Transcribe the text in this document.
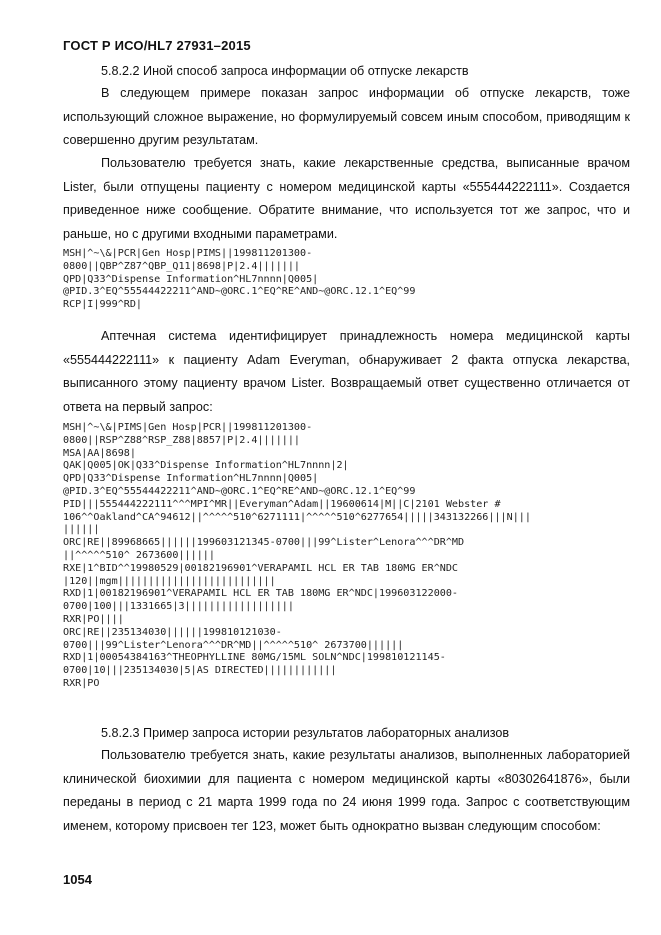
ГОСТ Р ИСО/HL7 27931–2015
5.8.2.2 Иной способ запроса информации об отпуске лекарств
В следующем примере показан запрос информации об отпуске лекарств, тоже использующий сложное выражение, но формулируемый совсем иным способом, приводящим к совершенно другим результатам.
Пользователю требуется знать, какие лекарственные средства, выписанные врачом Lister, были отпущены пациенту с номером медицинской карты «555444222111». Создается приведенное ниже сообщение. Обратите внимание, что используется тот же запрос, что и раньше, но с другими входными параметрами.
MSH|^~\&|PCR|Gen Hosp|PIMS||199811201300-
0800||QBP^Z87^QBP_Q11|8698|P|2.4|||||||
QPD|Q33^Dispense Information^HL7nnnn|Q005|
@PID.3^EQ^55544422211^AND~@ORC.1^EQ^RE^AND~@ORC.12.1^EQ^99
RCP|I|999^RD|
Аптечная система идентифицирует принадлежность номера медицинской карты «555444222111» к пациенту Adam Everyman, обнаруживает 2 факта отпуска лекарства, выписанного этому пациенту врачом Lister. Возвращаемый ответ существенно отличается от ответа на первый запрос:
MSH|^~\&|PIMS|Gen Hosp|PCR||199811201300-
0800||RSP^Z88^RSP_Z88|8857|P|2.4|||||||
MSA|AA|8698|
QAK|Q005|OK|Q33^Dispense Information^HL7nnnn|2|
QPD|Q33^Dispense Information^HL7nnnn|Q005|
@PID.3^EQ^55544422211^AND~@ORC.1^EQ^RE^AND~@ORC.12.1^EQ^99
PID|||555444222111^^^MPI^MR||Everyman^Adam||19600614|M||C|2101 Webster #
106^^Oakland^CA^94612||^^^^^510^6271111|^^^^^510^6277654|||||343132266|||N|||
||||||
ORC|RE||89968665||||||199603121345-0700|||99^Lister^Lenora^^^DR^MD
||^^^^^510^ 2673600||||||
RXE|1^BID^^19980529|00182196901^VERAPAMIL HCL ER TAB 180MG ER^NDC
|120||mgm||||||||||||||||||||||||||
RXD|1|00182196901^VERAPAMIL HCL ER TAB 180MG ER^NDC|199603122000-
0700|100|||1331665|3||||||||||||||||||
RXR|PO||||
ORC|RE||235134030||||||199810121030-
0700|||99^Lister^Lenora^^^DR^MD||^^^^^510^ 2673700||||||
RXD|1|00054384163^THEOPHYLLINE 80MG/15ML SOLN^NDC|199810121145-
0700|10|||235134030|5|AS DIRECTED||||||||||||
RXR|PO
5.8.2.3 Пример запроса истории результатов лабораторных анализов
Пользователю требуется знать, какие результаты анализов, выполненных лабораторией клинической биохимии для пациента с номером медицинской карты «80302641876», были переданы в период с 21 марта 1999 года по 24 июня 1999 года. Запрос с соответствующим именем, которому присвоен тег 123, может быть однократно вызван следующим способом:
1054
